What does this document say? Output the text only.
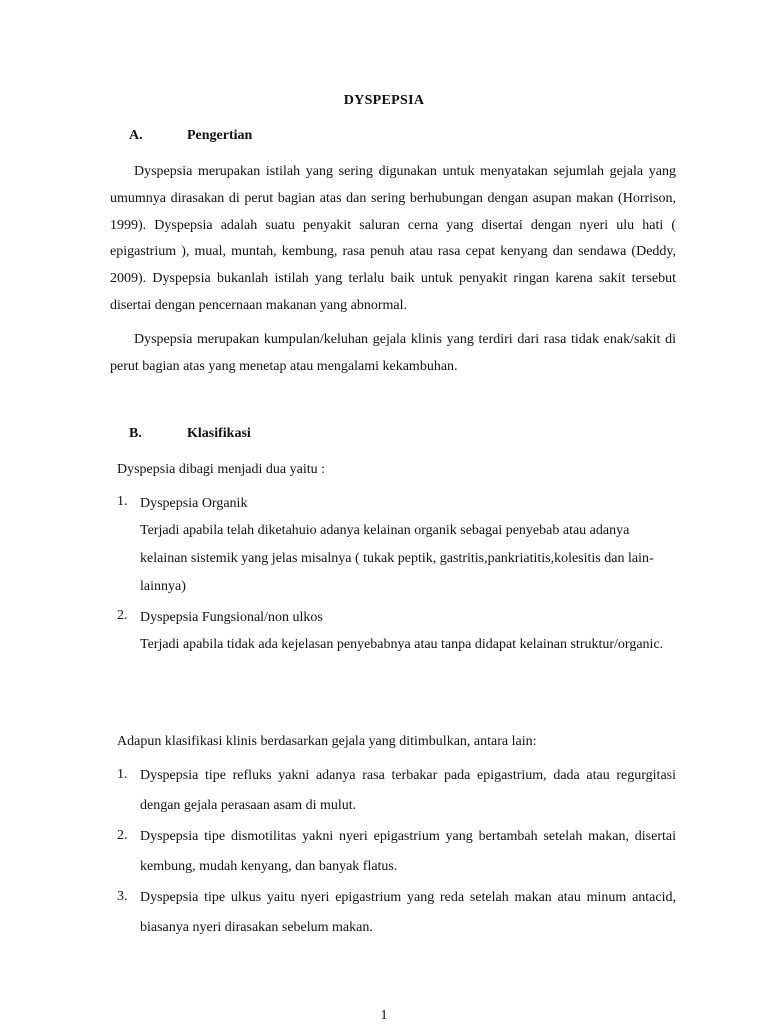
DYSPEPSIA
A.	Pengertian

Dyspepsia merupakan istilah yang sering digunakan untuk menyatakan sejumlah gejala yang umumnya dirasakan di perut bagian atas dan sering berhubungan dengan asupan makan (Horrison, 1999). Dyspepsia adalah suatu penyakit saluran cerna yang disertai dengan nyeri ulu hati ( epigastrium ), mual, muntah, kembung, rasa penuh atau rasa cepat kenyang dan sendawa (Deddy, 2009). Dyspepsia bukanlah istilah yang terlalu baik untuk penyakit ringan karena sakit tersebut disertai dengan pencernaan makanan yang abnormal.

Dyspepsia merupakan kumpulan/keluhan gejala klinis yang terdiri dari rasa tidak enak/sakit di perut bagian atas yang menetap atau mengalami kekambuhan.

B.	Klasifikasi
Dyspepsia dibagi menjadi dua yaitu :
1. Dyspepsia Organik
Terjadi apabila telah diketahuio adanya kelainan organik sebagai penyebab atau adanya kelainan sistemik yang jelas misalnya ( tukak peptik, gastritis,pankriatitis,kolesitis dan lain-lainnya)
2. Dyspepsia Fungsional/non ulkos
Terjadi apabila tidak ada kejelasan penyebabnya atau tanpa didapat kelainan struktur/organic.
Adapun klasifikasi klinis berdasarkan gejala yang ditimbulkan, antara lain:
1. Dyspepsia tipe refluks yakni adanya rasa terbakar pada epigastrium, dada atau regurgitasi dengan gejala perasaan asam di mulut.
2. Dyspepsia tipe dismotilitas yakni nyeri epigastrium yang bertambah setelah makan, disertai kembung, mudah kenyang, dan banyak flatus.
3. Dyspepsia tipe ulkus yaitu nyeri epigastrium yang reda setelah makan atau minum antacid, biasanya nyeri dirasakan sebelum makan.
1
